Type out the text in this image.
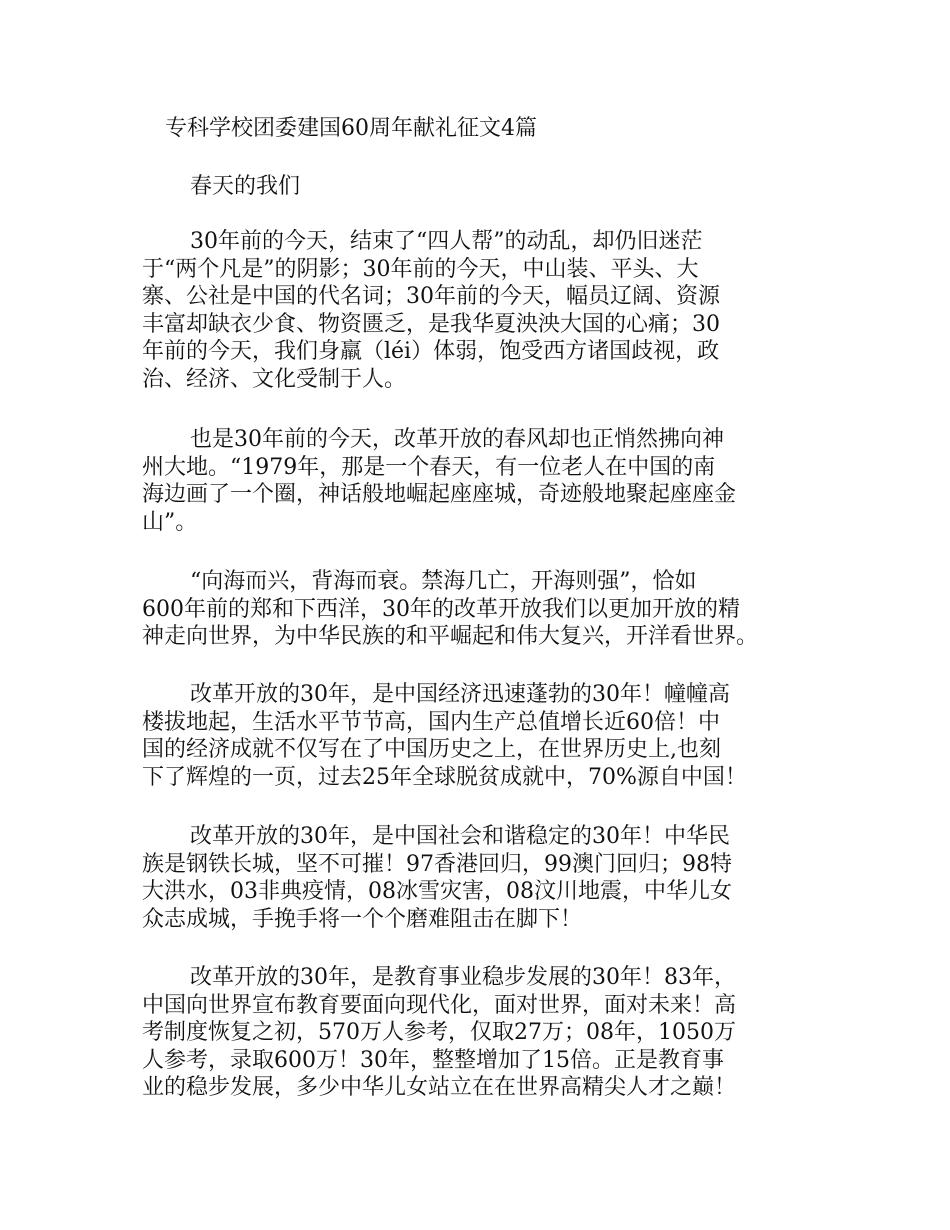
专科学校团委建国60周年献礼征文4篇
春天的我们
30年前的今天，结束了“四人帮”的动乱，却仍旧迷茫
于“两个凡是”的阴影；30年前的今天，中山装、平头、大
寨、公社是中国的代名词；30年前的今天，幅员辽阔、资源
丰富却缺衣少食、物资匮乏，是我华夏泱泱大国的心痛；30
年前的今天，我们身羸（léi）体弱，饱受西方诸国歧视，政
治、经济、文化受制于人。
也是30年前的今天，改革开放的春风却也正悄然拂向神
州大地。“1979年，那是一个春天，有一位老人在中国的南
海边画了一个圈，神话般地崛起座座城，奇迹般地聚起座座金
山”。
“向海而兴，背海而衰。禁海几亡，开海则强”，恰如
600年前的郑和下西洋，30年的改革开放我们以更加开放的精
神走向世界，为中华民族的和平崛起和伟大复兴，开洋看世界。
改革开放的30年，是中国经济迅速蓬勃的30年！幢幢高
楼拔地起，生活水平节节高，国内生产总值增长近60倍！中
国的经济成就不仅写在了中国历史之上，在世界历史上,也刻
下了辉煌的一页，过去25年全球脱贫成就中，70%源自中国！
改革开放的30年，是中国社会和谐稳定的30年！中华民
族是钢铁长城，坚不可摧！97香港回归，99澳门回归；98特
大洪水，03非典疫情，08冰雪灾害，08汶川地震，中华儿女
众志成城，手挽手将一个个磨难阻击在脚下！
改革开放的30年，是教育事业稳步发展的30年！83年，
中国向世界宣布教育要面向现代化，面对世界，面对未来！高
考制度恢复之初，570万人参考，仅取27万；08年，1050万
人参考，录取600万！30年，整整增加了15倍。正是教育事
业的稳步发展，多少中华儿女站立在在世界高精尖人才之巅！
